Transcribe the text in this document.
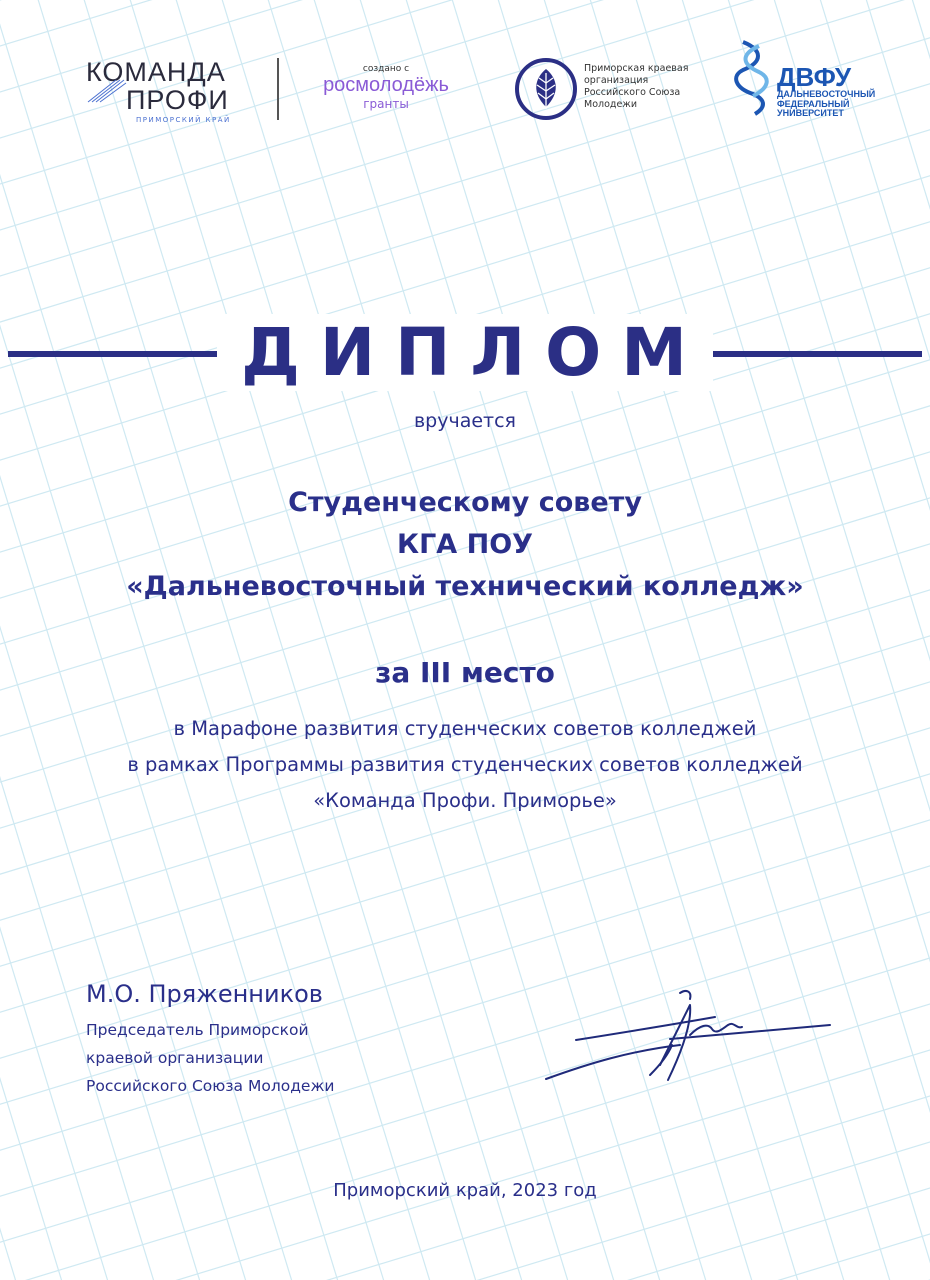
КОМАНДА
ПРОФИ
ПРИМОРСКИЙ КРАЙ
создано с
росмолодёжь
гранты
Приморская краевая
организация
Российского Союза
Молодежи
ДВФУ
ДАЛЬНЕВОСТОЧНЫЙ
ФЕДЕРАЛЬНЫЙ
УНИВЕРСИТЕТ
ДИПЛОМ
вручается
Студенческому совету
КГА ПОУ
«Дальневосточный технический колледж»
за III место
в Марафоне развития студенческих советов колледжей
в рамках Программы развития студенческих советов колледжей
«Команда Профи. Приморье»
М.О. Пряженников
Председатель Приморской
краевой организации
Российского Союза Молодежи
Приморский край, 2023 год
